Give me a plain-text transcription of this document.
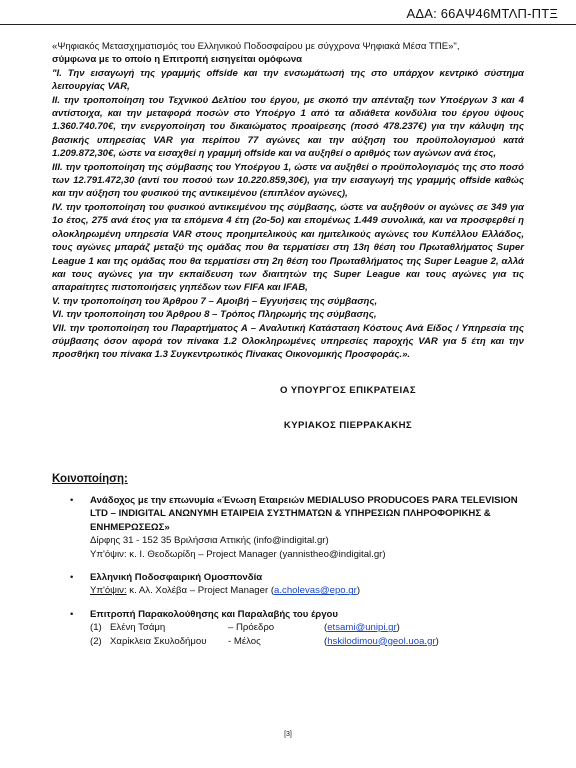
ΑΔΑ: 66ΑΨ46ΜΤΛΠ-ΠΤΞ

«Ψηφιακός Μετασχηματισμός του Ελληνικού Ποδοσφαίρου με σύγχρονα Ψηφιακά Μέσα ΤΠΕ»",

σύμφωνα με το οποίο η Επιτροπή εισηγείται ομόφωνα

"I. Την εισαγωγή της γραμμής offside και την ενσωμάτωσή της στο υπάρχον κεντρικό σύστημα λειτουργίας VAR,

II. την τροποποίηση του Τεχνικού Δελτίου του έργου, με σκοπό την απένταξη των Υποέργων 3 και 4 αντίστοιχα, και την μεταφορά ποσών στο Υποέργο 1 από τα αδιάθετα κονδύλια του έργου ύψους 1.360.740.70€, την ενεργοποίηση του δικαιώματος προαίρεσης (ποσό 478.237€) για την κάλυψη της βασικής υπηρεσίας VAR για περίπου 77 αγώνες και την αύξηση του προϋπολογισμού κατά 1.209.872,30€, ώστε να εισαχθεί η γραμμή offside και να αυξηθεί ο αριθμός των αγώνων ανά έτος,

III. την τροποποίηση της σύμβασης του Υποέργου 1, ώστε να αυξηθεί ο προϋπολογισμός της στο ποσό των 12.791.472,30 (αντί του ποσού των 10.220.859,30€), για την εισαγωγή της γραμμής offside καθώς και την αύξηση του φυσικού της αντικειμένου (επιπλέον αγώνες),

IV. την τροποποίηση του φυσικού αντικειμένου της σύμβασης, ώστε να αυξηθούν οι αγώνες σε 349 για 1ο έτος, 275 ανά έτος για τα επόμενα 4 έτη (2ο-5ο) και επομένως 1.449 συνολικά, και να προσφερθεί η ολοκληρωμένη υπηρεσία VAR στους προημιτελικούς και ημιτελικούς αγώνες του Κυπέλλου Ελλάδος, τους αγώνες μπαράζ μεταξύ της ομάδας που θα τερματίσει στη 13η θέση του Πρωταθλήματος Super League 1 και της ομάδας που θα τερματίσει στη 2η θέση του Πρωταθλήματος της Super League 2, αλλά και τους αγώνες για την εκπαίδευση των διαιτητών της Super League και τους αγώνες για τις απαραίτητες πιστοποιήσεις γηπέδων των FIFA και IFAB,

V. την τροποποίηση του Άρθρου 7 – Αμοιβή – Εγγυήσεις της σύμβασης,

VI. την τροποποίηση του Άρθρου 8 – Τρόπος Πληρωμής της σύμβασης,

VII. την τροποποίηση του Παραρτήματος Α – Αναλυτική Κατάσταση Κόστους Ανά Είδος / Υπηρεσία της σύμβασης όσον αφορά τον πίνακα 1.2 Ολοκληρωμένες υπηρεσίες παροχής VAR για 5 έτη και την προσθήκη του πίνακα 1.3 Συγκεντρωτικός Πίνακας Οικονομικής Προσφοράς.».

Ο ΥΠΟΥΡΓΟΣ ΕΠΙΚΡΑΤΕΙΑΣ
ΚΥΡΙΑΚΟΣ ΠΙΕΡΡΑΚΑΚΗΣ
Κοινοποίηση:
• Ανάδοχος με την επωνυμία «Ένωση Εταιρειών MEDIALUSO PRODUCOES PARA TELEVISION LTD – INDIGITAL ΑΝΩΝΥΜΗ ΕΤΑΙΡΕΙΑ ΣΥΣΤΗΜΑΤΩΝ & ΥΠΗΡΕΣΙΩΝ ΠΛΗΡΟΦΟΡΙΚΗΣ & ΕΝΗΜΕΡΩΣΕΩΣ»
Δίρφης 31 - 152 35 Βριλήσσια Αττικής (info@indigital.gr)
Υπ'όψιν: κ. Ι. Θεοδωρίδη – Project Manager (yannistheo@indigital.gr)
• Ελληνική Ποδοσφαιρική Ομοσπονδία
Υπ'όψιν: κ. Αλ. Χολέβα – Project Manager (a.cholevas@epo.gr)
• Επιτροπή Παρακολούθησης και Παραλαβής του έργου
(1) Ελένη Τσάμη	– Πρόεδρο	(etsami@unipi.gr)
(2) Χαρίκλεια Σκυλοδήμου	- Μέλος	(hskilodimou@geol.uoa.gr)
[3]
